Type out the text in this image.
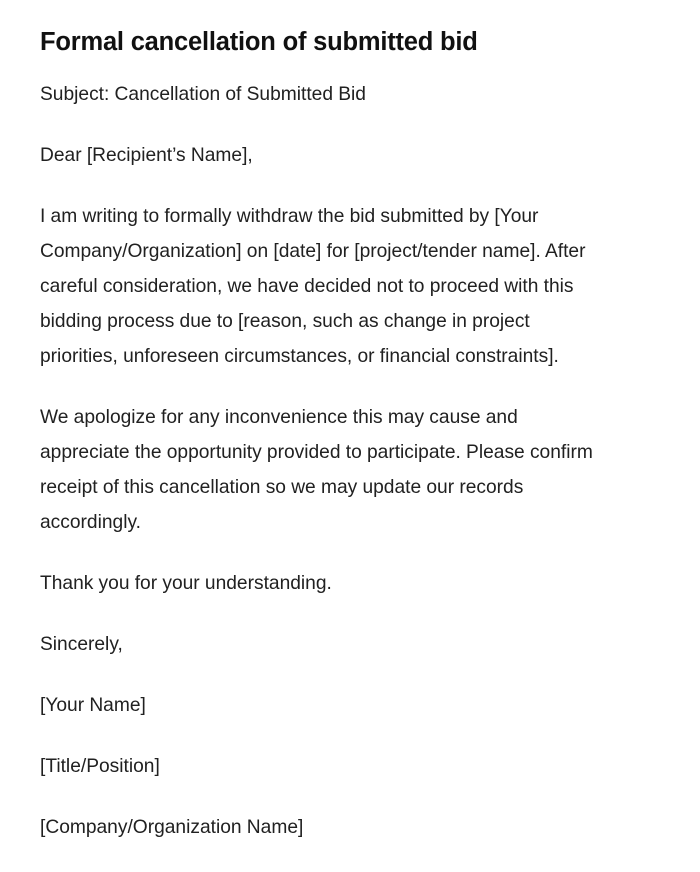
Formal cancellation of submitted bid

Subject: Cancellation of Submitted Bid

Dear [Recipient’s Name],

I am writing to formally withdraw the bid submitted by [Your Company/Organization] on [date] for [project/tender name]. After careful consideration, we have decided not to proceed with this bidding process due to [reason, such as change in project priorities, unforeseen circumstances, or financial constraints].

We apologize for any inconvenience this may cause and appreciate the opportunity provided to participate. Please confirm receipt of this cancellation so we may update our records accordingly.

Thank you for your understanding.

Sincerely,

[Your Name]

[Title/Position]

[Company/Organization Name]
